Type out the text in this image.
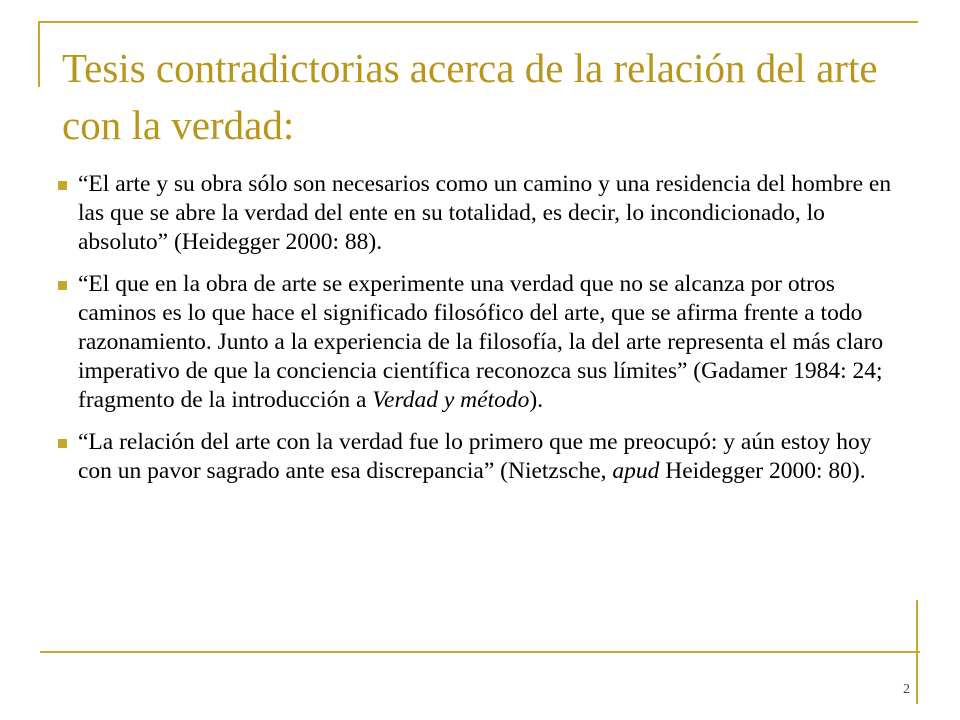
Tesis contradictorias acerca de la relación del arte con la verdad:
“El arte y su obra sólo son necesarios como un camino y una residencia del hombre en las que se abre la verdad del ente en su totalidad, es decir, lo incondicionado, lo absoluto” (Heidegger 2000: 88).
“El que en la obra de arte se experimente una verdad que no se alcanza por otros caminos es lo que hace el significado filosófico del arte, que se afirma frente a todo razonamiento. Junto a la experiencia de la filosofía, la del arte representa el más claro imperativo de que la conciencia científica reconozca sus límites” (Gadamer 1984: 24; fragmento de la introducción a Verdad y método).
“La relación del arte con la verdad fue lo primero que me preocupó: y aún estoy hoy con un pavor sagrado ante esa discrepancia” (Nietzsche, apud Heidegger 2000: 80).
2
